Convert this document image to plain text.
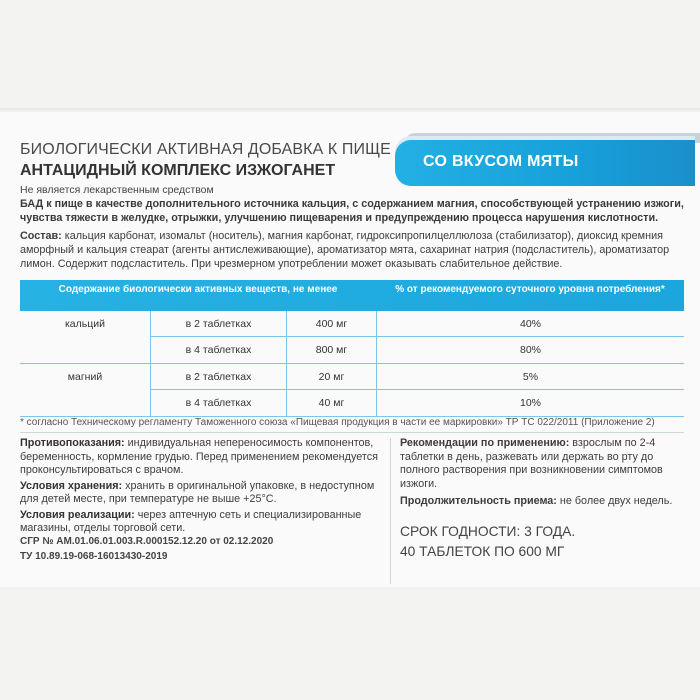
БИОЛОГИЧЕСКИ АКТИВНАЯ ДОБАВКА К ПИЩЕ
АНТАЦИДНЫЙ КОМПЛЕКС ИЗЖОГАНЕТ
Не является лекарственным средством
СО ВКУСОМ МЯТЫ
БАД к пище в качестве дополнительного источника кальция, с содержанием магния, способствующей устранению изжоги, чувства тяжести в желудке, отрыжки, улучшению пищеварения и предупреждению процесса нарушения кислотности.
Состав: кальция карбонат, изомальт (носитель), магния карбонат, гидроксипропилцеллюлоза (стабилизатор), диоксид кремния аморфный и кальция стеарат (агенты антислеживающие), ароматизатор мята, сахаринат натрия (подсластитель), ароматизатор лимон. Содержит подсластитель. При чрезмерном употреблении может оказывать слабительное действие.
Содержание биологически активных веществ, не менее	% от рекомендуемого суточного уровня потребления*
кальций	в 2 таблетках	400 мг	40%
в 4 таблетках	800 мг	80%
магний	в 2 таблетках	20 мг	5%
в 4 таблетках	40 мг	10%
* согласно Техническому регламенту Таможенного союза «Пищевая продукция в части ее маркировки» ТР ТС 022/2011 (Приложение 2)

Противопоказания: индивидуальная непереносимость компонентов, беременность, кормление грудью. Перед применением рекомендуется проконсультироваться с врачом.

Условия хранения: хранить в оригинальной упаковке, в недоступном для детей месте, при температуре не выше +25°С.

Условия реализации: через аптечную сеть и специализированные магазины, отделы торговой сети.

Рекомендации по применению: взрослым по 2-4 таблетки в день, разжевать или держать во рту до полного растворения при возникновении симптомов изжоги.

Продолжительность приема: не более двух недель.

СРОК ГОДНОСТИ: 3 ГОДА.
40 ТАБЛЕТОК ПО 600 МГ
СГР № AM.01.06.01.003.R.000152.12.20 от 02.12.2020
ТУ 10.89.19-068-16013430-2019
